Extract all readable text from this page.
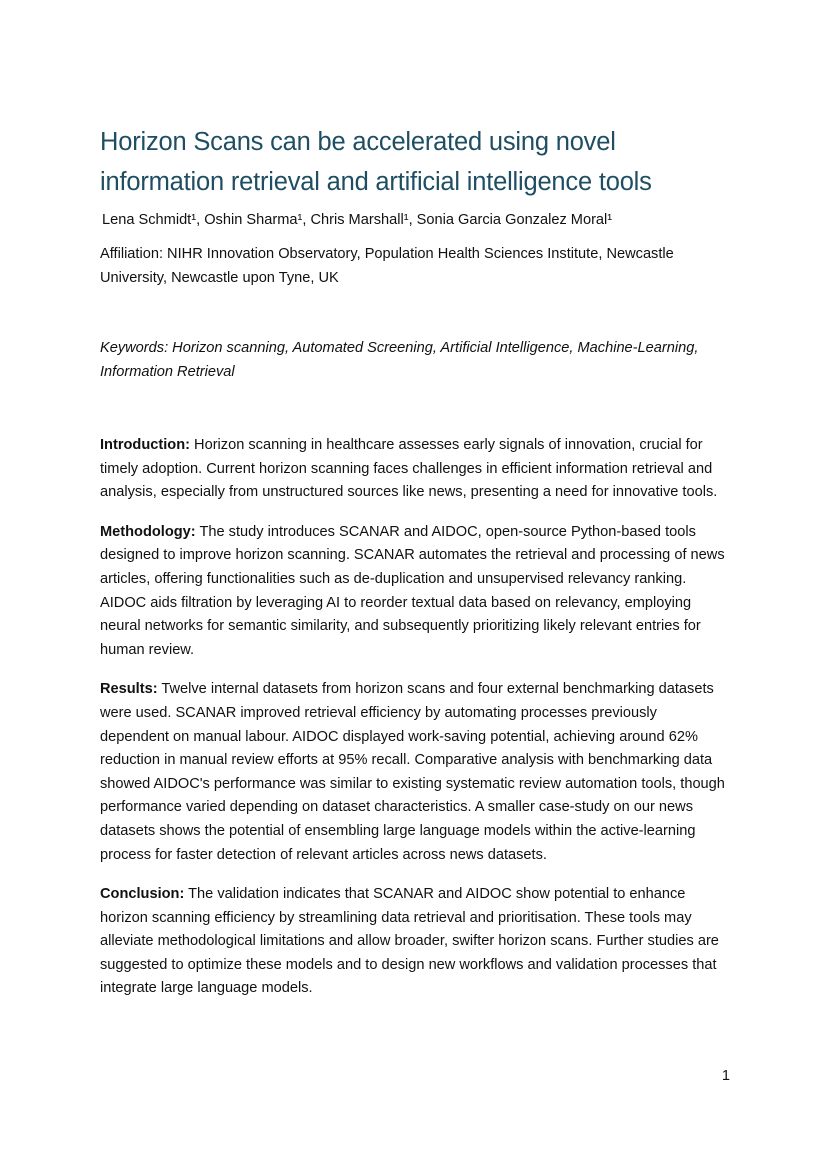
Horizon Scans can be accelerated using novel
information retrieval and artificial intelligence tools

Lena Schmidt¹, Oshin Sharma¹, Chris Marshall¹, Sonia Garcia Gonzalez Moral¹

Affiliation: NIHR Innovation Observatory, Population Health Sciences Institute, Newcastle University, Newcastle upon Tyne, UK

Keywords: Horizon scanning, Automated Screening, Artificial Intelligence, Machine-Learning, Information Retrieval

Introduction: Horizon scanning in healthcare assesses early signals of innovation, crucial for timely adoption. Current horizon scanning faces challenges in efficient information retrieval and analysis, especially from unstructured sources like news, presenting a need for innovative tools.

Methodology: The study introduces SCANAR and AIDOC, open-source Python-based tools designed to improve horizon scanning. SCANAR automates the retrieval and processing of news articles, offering functionalities such as de-duplication and unsupervised relevancy ranking. AIDOC aids filtration by leveraging AI to reorder textual data based on relevancy, employing neural networks for semantic similarity, and subsequently prioritizing likely relevant entries for human review.

Results: Twelve internal datasets from horizon scans and four external benchmarking datasets were used. SCANAR improved retrieval efficiency by automating processes previously dependent on manual labour. AIDOC displayed work-saving potential, achieving around 62% reduction in manual review efforts at 95% recall. Comparative analysis with benchmarking data showed AIDOC's performance was similar to existing systematic review automation tools, though performance varied depending on dataset characteristics. A smaller case-study on our news datasets shows the potential of ensembling large language models within the active-learning process for faster detection of relevant articles across news datasets.

Conclusion: The validation indicates that SCANAR and AIDOC show potential to enhance horizon scanning efficiency by streamlining data retrieval and prioritisation. These tools may alleviate methodological limitations and allow broader, swifter horizon scans. Further studies are suggested to optimize these models and to design new workflows and validation processes that integrate large language models.

1
